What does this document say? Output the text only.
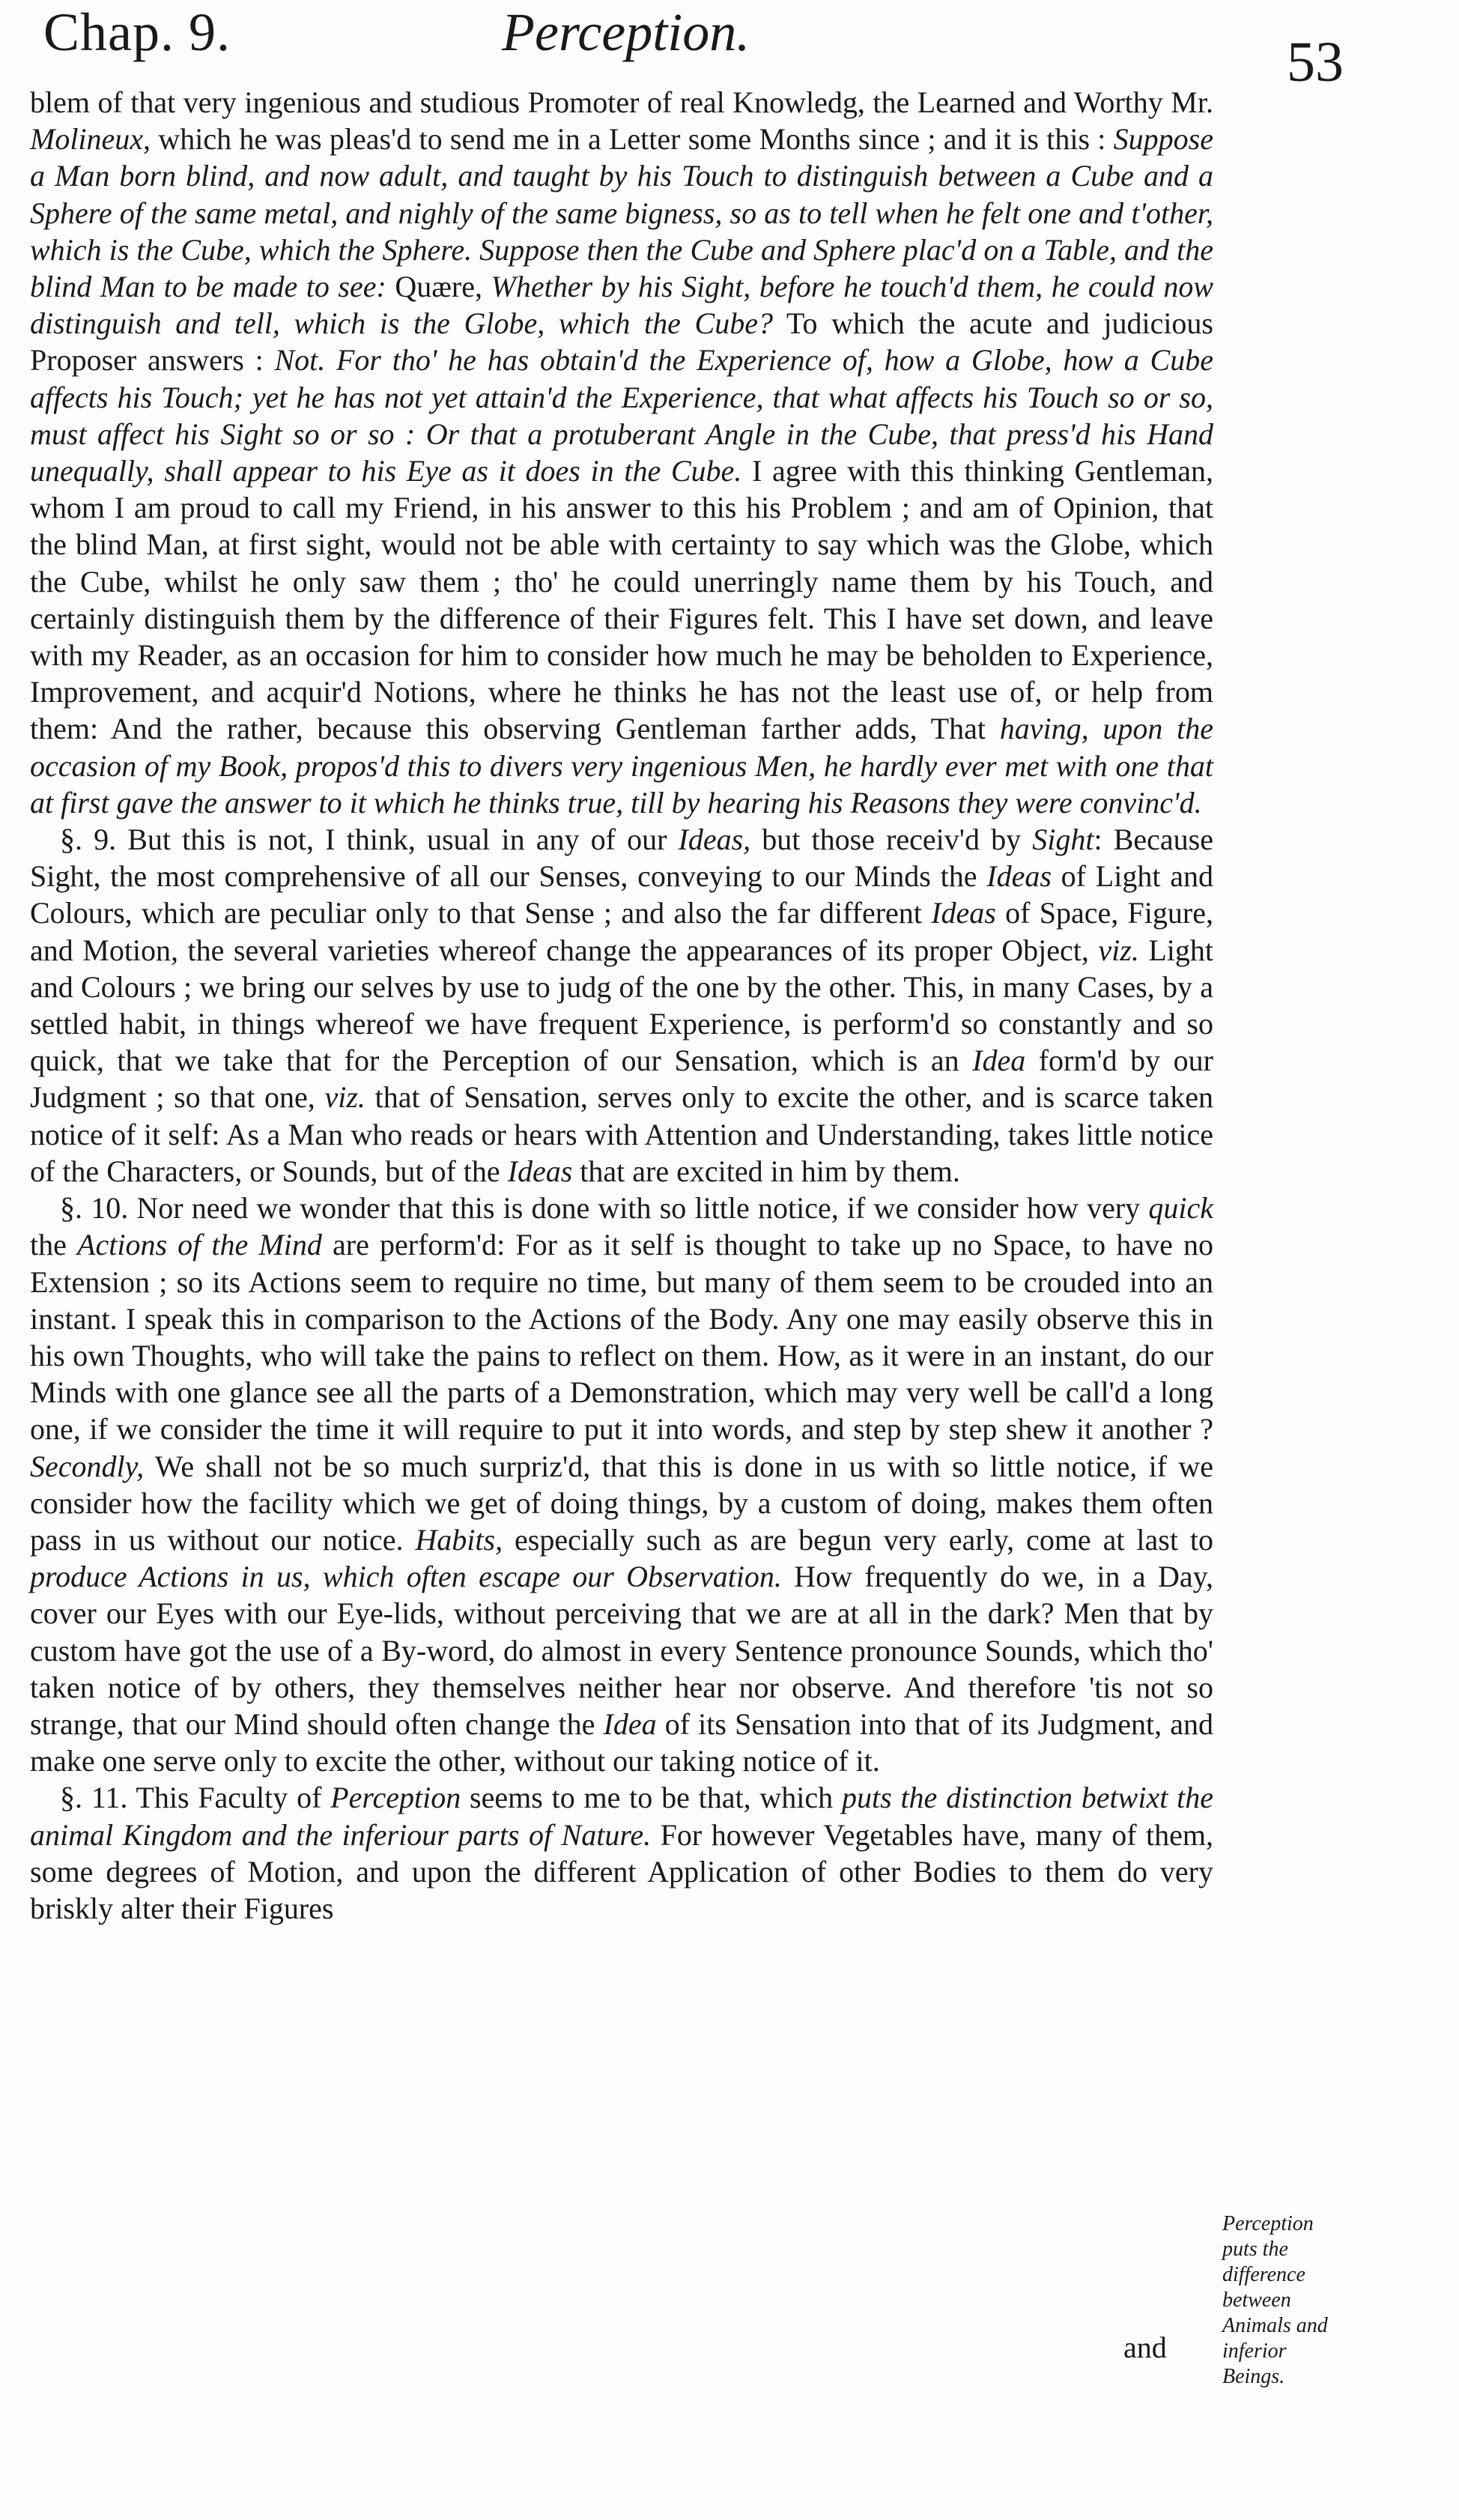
Chap. 9.	Perception.	53

blem of that very ingenious and studious Promoter of real Knowledg, the Learned and Worthy Mr. Molineux, which he was pleas'd to send me in a Letter some Months since ; and it is this : Suppose a Man born blind, and now adult, and taught by his Touch to distinguish between a Cube and a Sphere of the same metal, and nighly of the same bigness, so as to tell when he felt one and t'other, which is the Cube, which the Sphere. Suppose then the Cube and Sphere plac'd on a Table, and the blind Man to be made to see: Quære, Whether by his Sight, before he touch'd them, he could now distinguish and tell, which is the Globe, which the Cube? To which the acute and judicious Proposer answers : Not. For tho' he has obtain'd the Experience of, how a Globe, how a Cube affects his Touch; yet he has not yet attain'd the Experience, that what affects his Touch so or so, must affect his Sight so or so : Or that a protuberant Angle in the Cube, that press'd his Hand unequally, shall appear to his Eye as it does in the Cube. I agree with this thinking Gentleman, whom I am proud to call my Friend, in his answer to this his Problem ; and am of Opinion, that the blind Man, at first sight, would not be able with certainty to say which was the Globe, which the Cube, whilst he only saw them ; tho' he could unerringly name them by his Touch, and certainly distinguish them by the difference of their Figures felt. This I have set down, and leave with my Reader, as an occasion for him to consider how much he may be beholden to Experience, Improvement, and acquir'd Notions, where he thinks he has not the least use of, or help from them: And the rather, because this observing Gentleman farther adds, That having, upon the occasion of my Book, propos'd this to divers very ingenious Men, he hardly ever met with one that at first gave the answer to it which he thinks true, till by hearing his Reasons they were convinc'd.

§. 9. But this is not, I think, usual in any of our Ideas, but those receiv'd by Sight: Because Sight, the most comprehensive of all our Senses, conveying to our Minds the Ideas of Light and Colours, which are peculiar only to that Sense ; and also the far different Ideas of Space, Figure, and Motion, the several varieties whereof change the appearances of its proper Object, viz. Light and Colours ; we bring our selves by use to judg of the one by the other. This, in many Cases, by a settled habit, in things whereof we have frequent Experience, is perform'd so constantly and so quick, that we take that for the Perception of our Sensation, which is an Idea form'd by our Judgment ; so that one, viz. that of Sensation, serves only to excite the other, and is scarce taken notice of it self: As a Man who reads or hears with Attention and Understanding, takes little notice of the Characters, or Sounds, but of the Ideas that are excited in him by them.

§. 10. Nor need we wonder that this is done with so little notice, if we consider how very quick the Actions of the Mind are perform'd: For as it self is thought to take up no Space, to have no Extension ; so its Actions seem to require no time, but many of them seem to be crouded into an instant. I speak this in comparison to the Actions of the Body. Any one may easily observe this in his own Thoughts, who will take the pains to reflect on them. How, as it were in an instant, do our Minds with one glance see all the parts of a Demonstration, which may very well be call'd a long one, if we consider the time it will require to put it into words, and step by step shew it another ? Secondly, We shall not be so much surpriz'd, that this is done in us with so little notice, if we consider how the facility which we get of doing things, by a custom of doing, makes them often pass in us without our notice. Habits, especially such as are begun very early, come at last to produce Actions in us, which often escape our Observation. How frequently do we, in a Day, cover our Eyes with our Eye-lids, without perceiving that we are at all in the dark? Men that by custom have got the use of a By-word, do almost in every Sentence pronounce Sounds, which tho' taken notice of by others, they themselves neither hear nor observe. And therefore 'tis not so strange, that our Mind should often change the Idea of its Sensation into that of its Judgment, and make one serve only to excite the other, without our taking notice of it.

§. 11. This Faculty of Perception seems to me to be that, which puts the distinction betwixt the animal Kingdom and the inferiour parts of Nature. For however Vegetables have, many of them, some degrees of Motion, and upon the different Application of other Bodies to them do very briskly alter their Figures

Perception puts the difference between Animals and inferior Beings.
and
